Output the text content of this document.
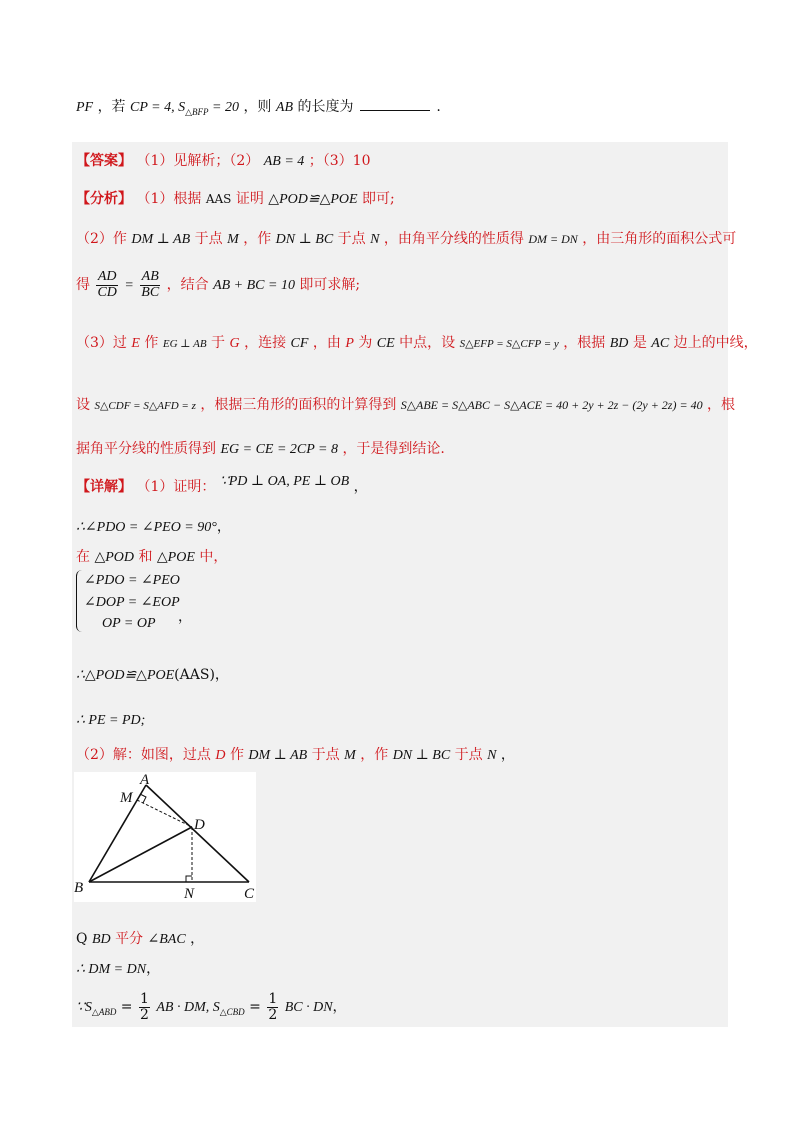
PF ，若 CP = 4, $S_{\triangle BFP} = 20$ ，则 AB 的长度为	.
【答案】 （1）见解析；（2） AB = 4 ；（3）10
【分析】 （1）根据 AAS 证明 △POD≌△POE 即可;
（2）作 DM ⊥ AB 于点 M ，作 DN ⊥ BC 于点 N ，由角平分线的性质得 DM = DN ，由三角形的面积公式可
得 $\frac{AD}{CD} = \frac{AB}{BC}$ ，结合 AB + BC = 10 即可求解;
（3）过 E 作 EG ⊥ AB 于 G ，连接 CF ，由 P 为 CE 中点，设 S△EFP = S△CFP = y ，根据 BD 是 AC 边上的中线，
设 S△CDF = S△AFD = z ，根据三角形的面积的计算得到 S△ABE = S△ABC − S△ACE = 40 + 2y + 2z − (2y + 2z) = 40 ，根
据角平分线的性质得到 EG = CE = 2CP = 8 ，于是得到结论.
【详解】 （1）证明： ∵PD ⊥ OA, PE ⊥ OB ，
∴∠PDO = ∠PEO = 90°，
在 △POD 和 △POE 中，
∠PDO = ∠PEO
∠DOP = ∠EOP
OP = OP ，
∴△POD≌△POE(AAS)，
∴ PE = PD;
（2）解：如图，过点 D 作 DM ⊥ AB 于点 M ，作 DN ⊥ BC 于点 N ，
A
M
D
B	N	C
Q BD 平分 ∠BAC ，
∴ DM = DN，
$\because S_{\triangle ABD} = \frac{1}{2}$ AB · DM, $S_{\triangle CBD} = \frac{1}{2}$ BC · DN，
